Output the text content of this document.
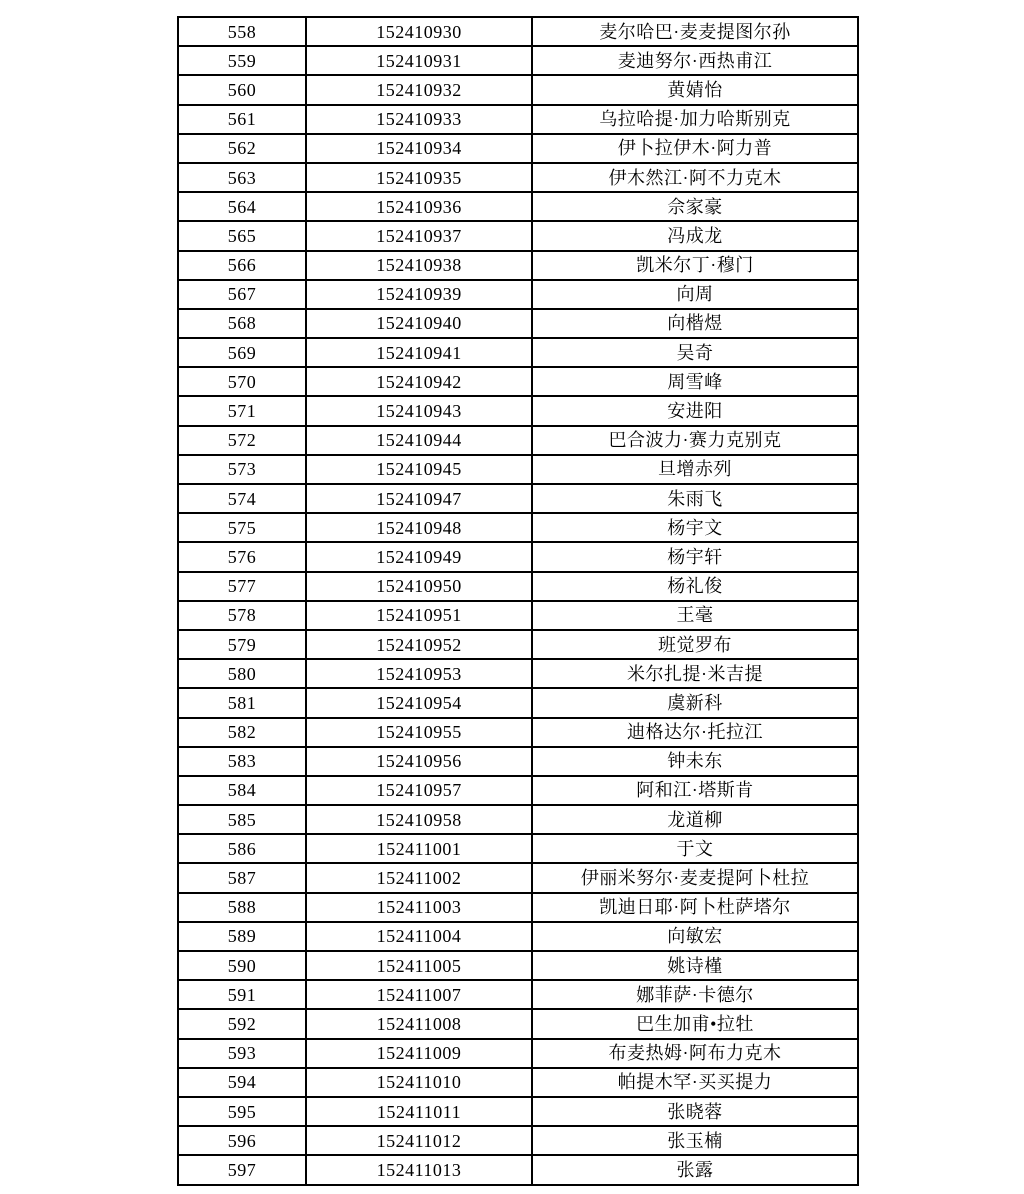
558	152410930	麦尔哈巴·麦麦提图尔孙
559	152410931	麦迪努尔·西热甫江
560	152410932	黄婧怡
561	152410933	乌拉哈提·加力哈斯别克
562	152410934	伊卜拉伊木·阿力普
563	152410935	伊木然江·阿不力克木
564	152410936	佘家豪
565	152410937	冯成龙
566	152410938	凯米尔丁·穆门
567	152410939	向周
568	152410940	向楷煜
569	152410941	吴奇
570	152410942	周雪峰
571	152410943	安进阳
572	152410944	巴合波力·赛力克别克
573	152410945	旦增赤列
574	152410947	朱雨飞
575	152410948	杨宇文
576	152410949	杨宇轩
577	152410950	杨礼俊
578	152410951	王毫
579	152410952	班觉罗布
580	152410953	米尔扎提·米吉提
581	152410954	虞新科
582	152410955	迪格达尔·托拉江
583	152410956	钟未东
584	152410957	阿和江·塔斯肯
585	152410958	龙道柳
586	152411001	于文
587	152411002	伊丽米努尔·麦麦提阿卜杜拉
588	152411003	凯迪日耶·阿卜杜萨塔尔
589	152411004	向敏宏
590	152411005	姚诗槿
591	152411007	娜菲萨·卡德尔
592	152411008	巴生加甫•拉牡
593	152411009	布麦热姆·阿布力克木
594	152411010	帕提木罕·买买提力
595	152411011	张晓蓉
596	152411012	张玉楠
597	152411013	张露
